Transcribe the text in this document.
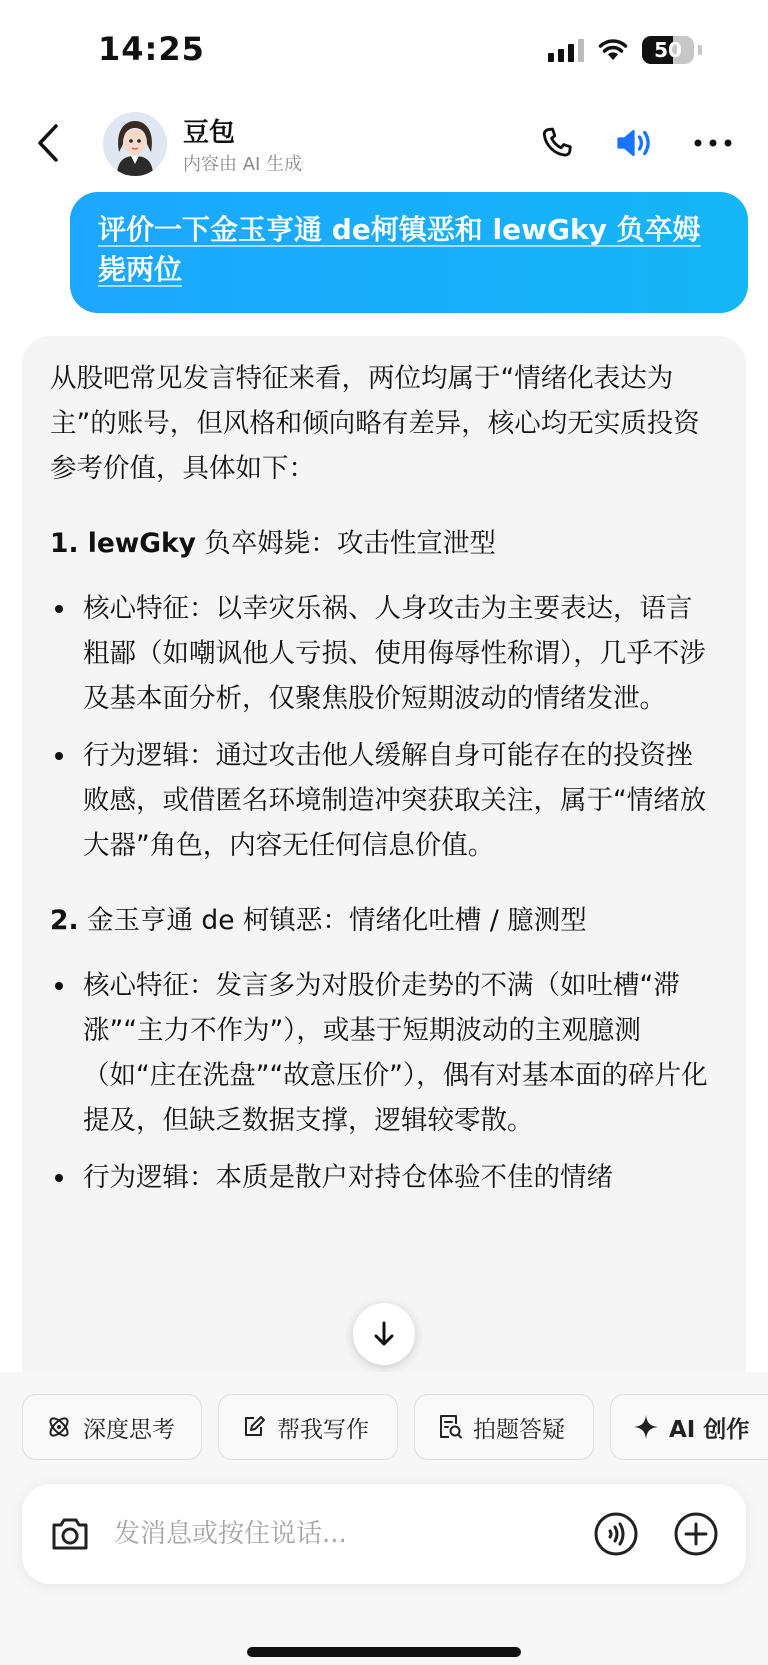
14:25	50
豆包
内容由 AI 生成
评价一下金玉亨通 de柯镇恶和 lewGky 负卒姆毙两位

从股吧常见发言特征来看，两位均属于“情绪化表达为主”的账号，但风格和倾向略有差异，核心均无实质投资参考价值，具体如下：

1. lewGky 负卒姆毙：攻击性宣泄型
核心特征：以幸灾乐祸、人身攻击为主要表达，语言粗鄙（如嘲讽他人亏损、使用侮辱性称谓），几乎不涉及基本面分析，仅聚焦股价短期波动的情绪发泄。
行为逻辑：通过攻击他人缓解自身可能存在的投资挫败感，或借匿名环境制造冲突获取关注，属于“情绪放大器”角色，内容无任何信息价值。
2. 金玉亨通 de 柯镇恶：情绪化吐槽 / 臆测型
核心特征：发言多为对股价走势的不满（如吐槽“滞涨”“主力不作为”），或基于短期波动的主观臆测（如“庄在洗盘”“故意压价”），偶有对基本面的碎片化提及，但缺乏数据支撑，逻辑较零散。
行为逻辑：本质是散户对持仓体验不佳的情绪
深度思考	帮我写作	拍题答疑	AI 创作
发消息或按住说话...
